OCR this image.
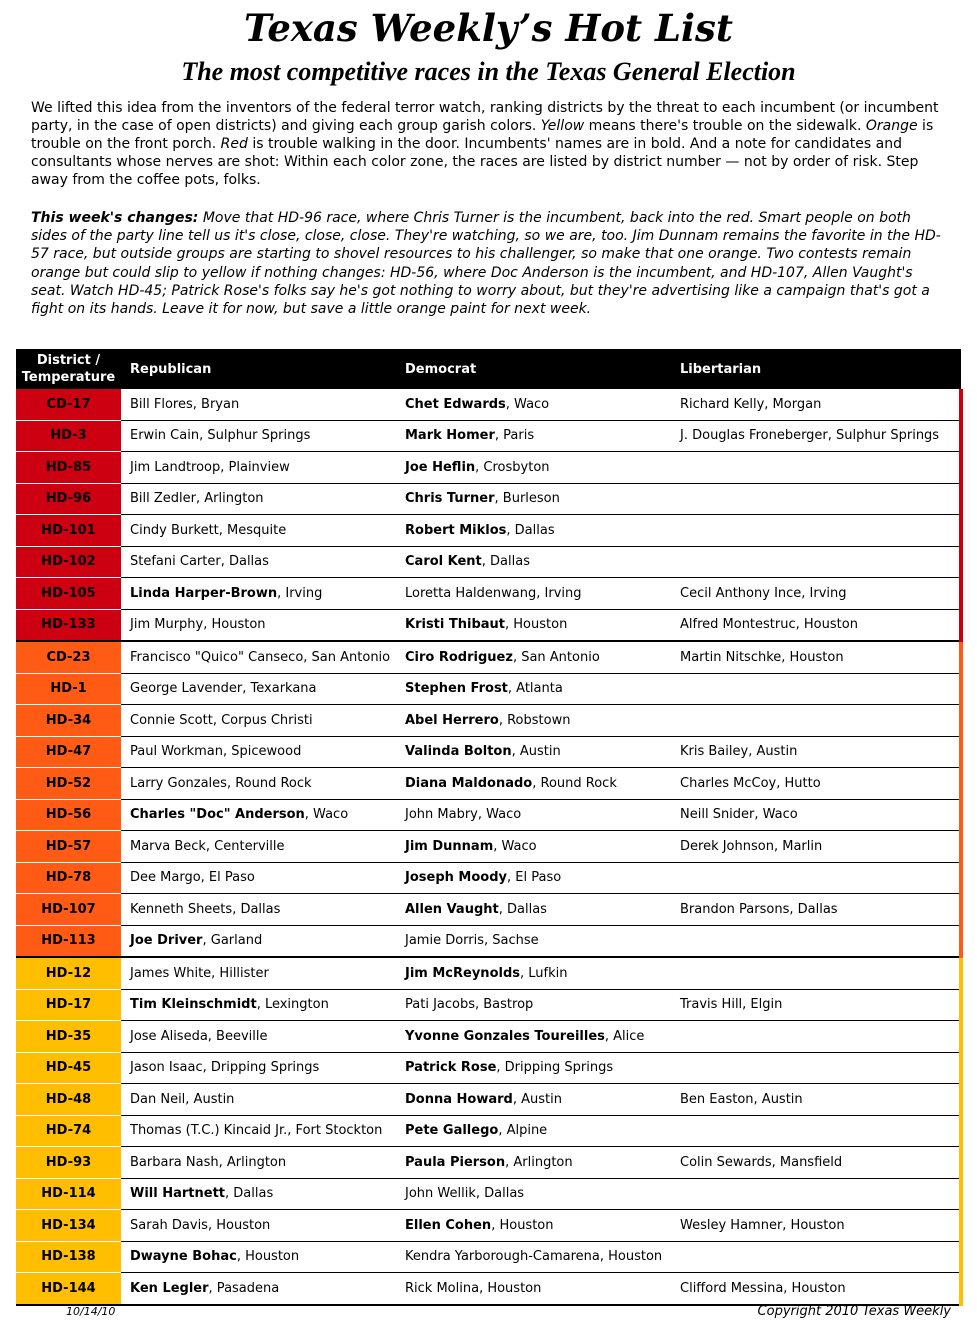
Texas Weekly’s Hot List
The most competitive races in the Texas General Election

We lifted this idea from the inventors of the federal terror watch, ranking districts by the threat to each incumbent (or incumbent party, in the case of open districts) and giving each group garish colors. Yellow means there's trouble on the sidewalk. Orange is trouble on the front porch. Red is trouble walking in the door. Incumbents' names are in bold. And a note for candidates and consultants whose nerves are shot: Within each color zone, the races are listed by district number — not by order of risk. Step away from the coffee pots, folks.

This week's changes: Move that HD-96 race, where Chris Turner is the incumbent, back into the red. Smart people on both sides of the party line tell us it's close, close, close. They're watching, so we are, too. Jim Dunnam remains the favorite in the HD-57 race, but outside groups are starting to shovel resources to his challenger, so make that one orange. Two contests remain orange but could slip to yellow if nothing changes: HD-56, where Doc Anderson is the incumbent, and HD-107, Allen Vaught's seat. Watch HD-45; Patrick Rose's folks say he's got nothing to worry about, but they're advertising like a campaign that's got a fight on its hands. Leave it for now, but save a little orange paint for next week.

District /
Temperature	Republican	Democrat	Libertarian
CD-17	Bill Flores, Bryan	Chet Edwards, Waco	Richard Kelly, Morgan
HD-3	Erwin Cain, Sulphur Springs	Mark Homer, Paris	J. Douglas Froneberger, Sulphur Springs
HD-85	Jim Landtroop, Plainview	Joe Heflin, Crosbyton	
HD-96	Bill Zedler, Arlington	Chris Turner, Burleson	
HD-101	Cindy Burkett, Mesquite	Robert Miklos, Dallas	
HD-102	Stefani Carter, Dallas	Carol Kent, Dallas	
HD-105	Linda Harper-Brown, Irving	Loretta Haldenwang, Irving	Cecil Anthony Ince, Irving
HD-133	Jim Murphy, Houston	Kristi Thibaut, Houston	Alfred Montestruc, Houston
CD-23	Francisco "Quico" Canseco, San Antonio	Ciro Rodriguez, San Antonio	Martin Nitschke, Houston
HD-1	George Lavender, Texarkana	Stephen Frost, Atlanta	
HD-34	Connie Scott, Corpus Christi	Abel Herrero, Robstown	
HD-47	Paul Workman, Spicewood	Valinda Bolton, Austin	Kris Bailey, Austin
HD-52	Larry Gonzales, Round Rock	Diana Maldonado, Round Rock	Charles McCoy, Hutto
HD-56	Charles "Doc" Anderson, Waco	John Mabry, Waco	Neill Snider, Waco
HD-57	Marva Beck, Centerville	Jim Dunnam, Waco	Derek Johnson, Marlin
HD-78	Dee Margo, El Paso	Joseph Moody, El Paso	
HD-107	Kenneth Sheets, Dallas	Allen Vaught, Dallas	Brandon Parsons, Dallas
HD-113	Joe Driver, Garland	Jamie Dorris, Sachse	
HD-12	James White, Hillister	Jim McReynolds, Lufkin	
HD-17	Tim Kleinschmidt, Lexington	Pati Jacobs, Bastrop	Travis Hill, Elgin
HD-35	Jose Aliseda, Beeville	Yvonne Gonzales Toureilles, Alice	
HD-45	Jason Isaac, Dripping Springs	Patrick Rose, Dripping Springs	
HD-48	Dan Neil, Austin	Donna Howard, Austin	Ben Easton, Austin
HD-74	Thomas (T.C.) Kincaid Jr., Fort Stockton	Pete Gallego, Alpine	
HD-93	Barbara Nash, Arlington	Paula Pierson, Arlington	Colin Sewards, Mansfield
HD-114	Will Hartnett, Dallas	John Wellik, Dallas	
HD-134	Sarah Davis, Houston	Ellen Cohen, Houston	Wesley Hamner, Houston
HD-138	Dwayne Bohac, Houston	Kendra Yarborough-Camarena, Houston	
HD-144	Ken Legler, Pasadena	Rick Molina, Houston	Clifford Messina, Houston
10/14/10	Copyright 2010 Texas Weekly
